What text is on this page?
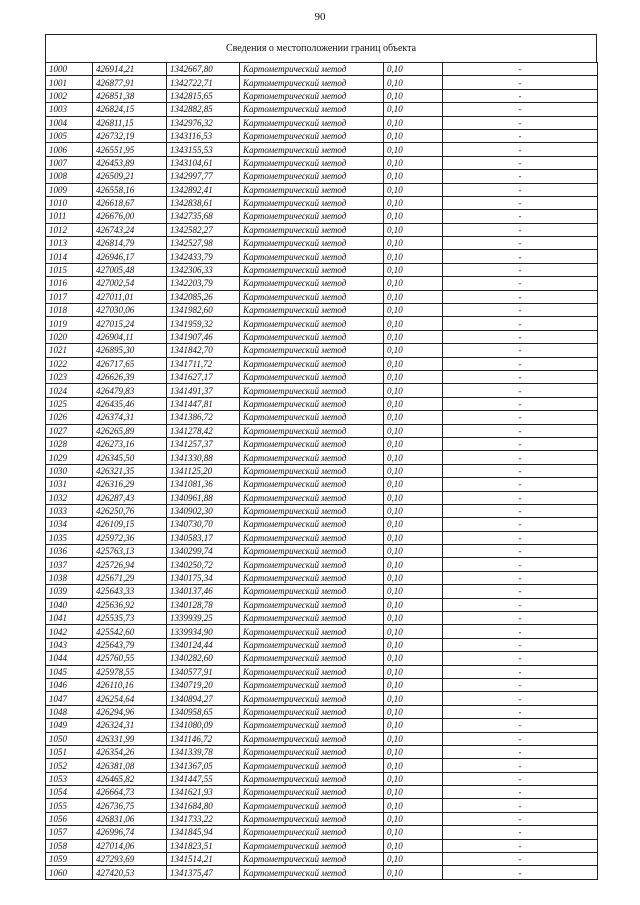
90
Сведения о местоположении границ объекта
1000	426914,21	1342667,80	Картометрический метод	0,10	-
1001	426877,91	1342722,71	Картометрический метод	0,10	-
1002	426851,38	1342815,65	Картометрический метод	0,10	-
1003	426824,15	1342882,85	Картометрический метод	0,10	-
1004	426811,15	1342976,32	Картометрический метод	0,10	-
1005	426732,19	1343116,53	Картометрический метод	0,10	-
1006	426551,95	1343155,53	Картометрический метод	0,10	-
1007	426453,89	1343104,61	Картометрический метод	0,10	-
1008	426509,21	1342997,77	Картометрический метод	0,10	-
1009	426558,16	1342892,41	Картометрический метод	0,10	-
1010	426618,67	1342838,61	Картометрический метод	0,10	-
1011	426676,00	1342735,68	Картометрический метод	0,10	-
1012	426743,24	1342582,27	Картометрический метод	0,10	-
1013	426814,79	1342527,98	Картометрический метод	0,10	-
1014	426946,17	1342433,79	Картометрический метод	0,10	-
1015	427005,48	1342306,33	Картометрический метод	0,10	-
1016	427002,54	1342203,79	Картометрический метод	0,10	-
1017	427011,01	1342085,26	Картометрический метод	0,10	-
1018	427030,06	1341982,60	Картометрический метод	0,10	-
1019	427015,24	1341959,32	Картометрический метод	0,10	-
1020	426904,11	1341907,46	Картометрический метод	0,10	-
1021	426895,30	1341842,70	Картометрический метод	0,10	-
1022	426717,65	1341711,72	Картометрический метод	0,10	-
1023	426626,39	1341627,17	Картометрический метод	0,10	-
1024	426479,83	1341491,37	Картометрический метод	0,10	-
1025	426435,46	1341447,81	Картометрический метод	0,10	-
1026	426374,31	1341386,72	Картометрический метод	0,10	-
1027	426265,89	1341278,42	Картометрический метод	0,10	-
1028	426273,16	1341257,37	Картометрический метод	0,10	-
1029	426345,50	1341330,88	Картометрический метод	0,10	-
1030	426321,35	1341125,20	Картометрический метод	0,10	-
1031	426316,29	1341081,36	Картометрический метод	0,10	-
1032	426287,43	1340961,88	Картометрический метод	0,10	-
1033	426250,76	1340902,30	Картометрический метод	0,10	-
1034	426109,15	1340730,70	Картометрический метод	0,10	-
1035	425972,36	1340583,17	Картометрический метод	0,10	-
1036	425763,13	1340299,74	Картометрический метод	0,10	-
1037	425726,94	1340250,72	Картометрический метод	0,10	-
1038	425671,29	1340175,34	Картометрический метод	0,10	-
1039	425643,33	1340137,46	Картометрический метод	0,10	-
1040	425636,92	1340128,78	Картометрический метод	0,10	-
1041	425535,73	1339939,25	Картометрический метод	0,10	-
1042	425542,60	1339934,90	Картометрический метод	0,10	-
1043	425643,79	1340124,44	Картометрический метод	0,10	-
1044	425760,55	1340282,60	Картометрический метод	0,10	-
1045	425978,55	1340577,91	Картометрический метод	0,10	-
1046	426110,16	1340719,20	Картометрический метод	0,10	-
1047	426254,64	1340894,27	Картометрический метод	0,10	-
1048	426294,96	1340958,65	Картометрический метод	0,10	-
1049	426324,31	1341080,09	Картометрический метод	0,10	-
1050	426331,99	1341146,72	Картометрический метод	0,10	-
1051	426354,26	1341339,78	Картометрический метод	0,10	-
1052	426381,08	1341367,05	Картометрический метод	0,10	-
1053	426465,82	1341447,55	Картометрический метод	0,10	-
1054	426664,73	1341621,93	Картометрический метод	0,10	-
1055	426736,75	1341684,80	Картометрический метод	0,10	-
1056	426831,06	1341733,22	Картометрический метод	0,10	-
1057	426996,74	1341845,94	Картометрический метод	0,10	-
1058	427014,06	1341823,51	Картометрический метод	0,10	-
1059	427293,69	1341514,21	Картометрический метод	0,10	-
1060	427420,53	1341375,47	Картометрический метод	0,10	-
